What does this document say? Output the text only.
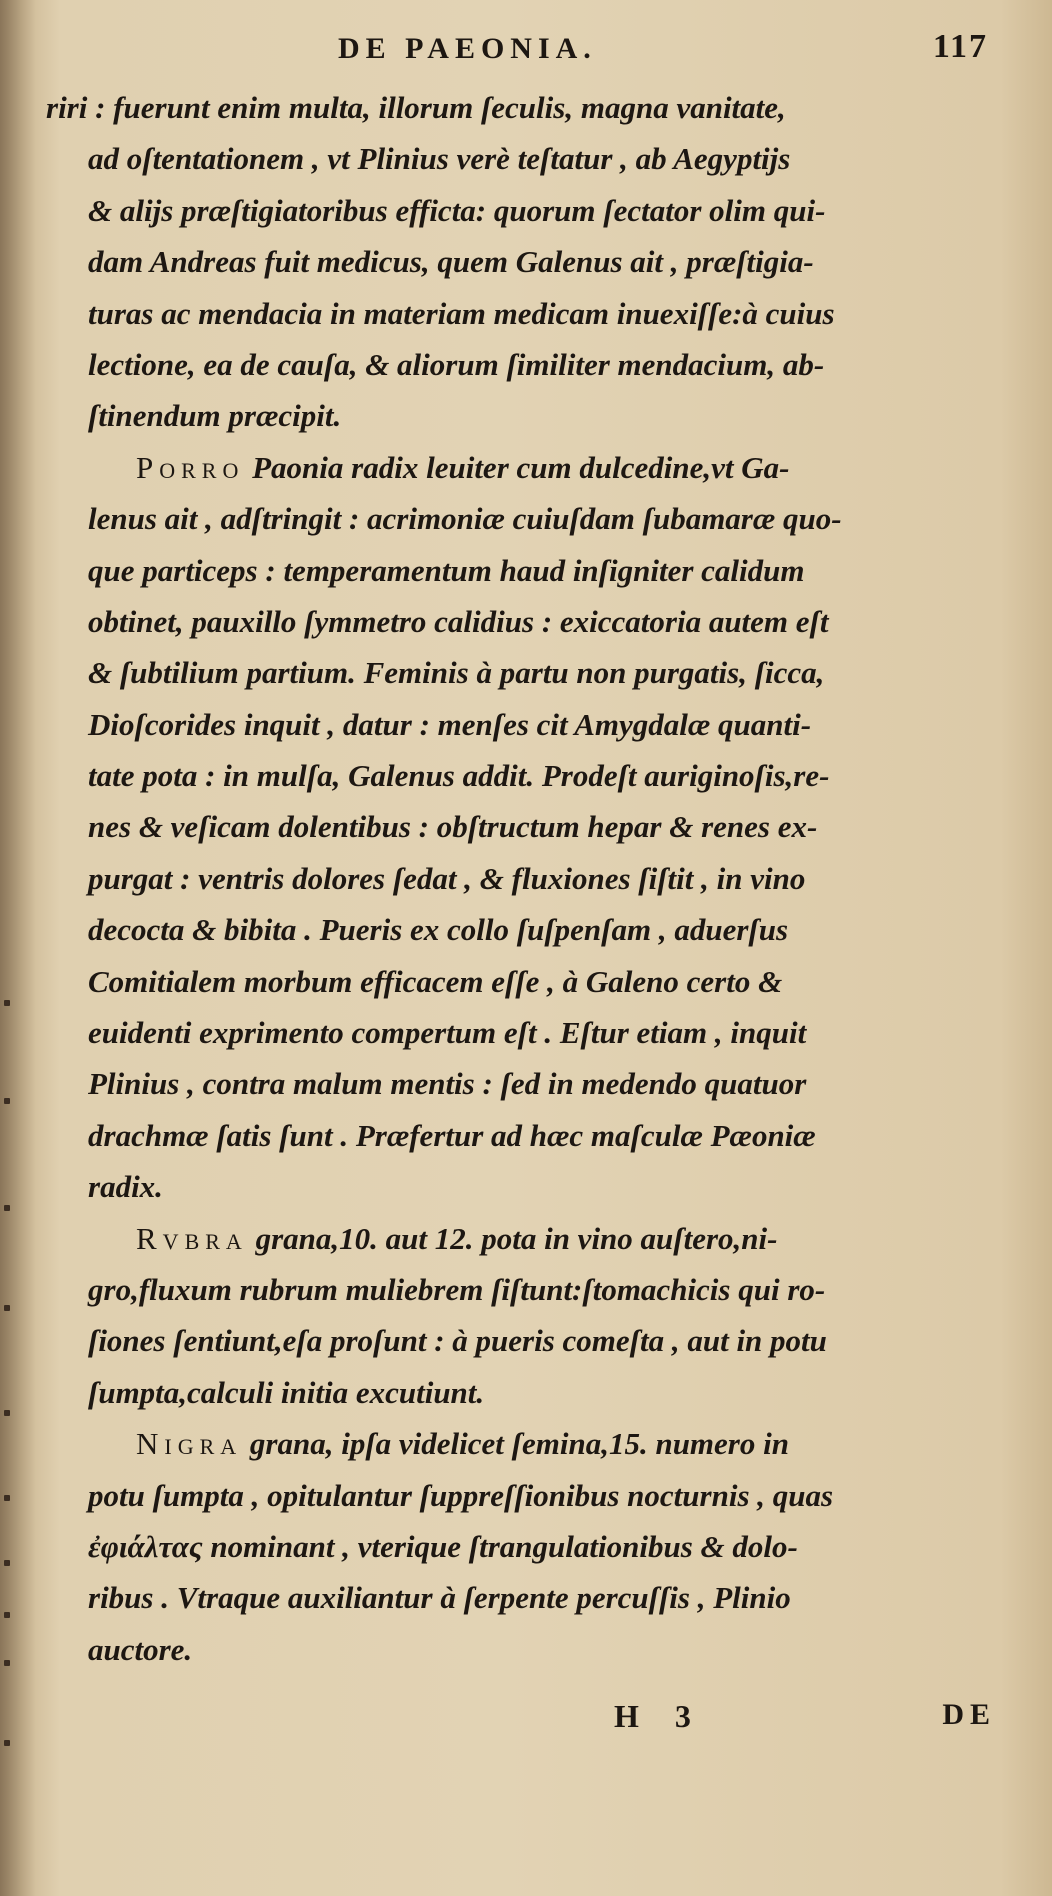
DE PAEONIA.	117
riri : fuerunt enim multa, illorum ſeculis, magna vanitate,
ad oſtentationem , vt Plinius verè teſtatur , ab Aegyptijs
& alijs præſtigiatoribus effictа: quorum ſectator olim qui-
dam Andreas fuit medicus, quem Galenus ait , præſtigia-
turas ac mendacia in materiam medicam inuexiſſe:à cuius
lectione, ea de cauſa, & aliorum ſimiliter mendacium, ab-
ſtinendum præcipit.
Porro Paonia radix leuiter cum dulcedine,vt Ga-
lenus ait , adſtringit : acrimoniæ cuiuſdam ſubamaræ quo-
que particeps : temperamentum haud inſigniter calidum
obtinet, pauxillo ſymmetro calidius : exiccatoria autem eſt
& ſubtilium partium. Feminis à partu non purgatis, ſicca,
Dioſcorides inquit , datur : menſes cit Amygdalæ quanti-
tate pota : in mulſa, Galenus addit. Prodeſt auriginoſis,re-
nes & veſicam dolentibus : obſtructum hepar & renes ex-
purgat : ventris dolores ſedat , & fluxiones ſiſtit , in vino
decocta & bibita . Pueris ex collo ſuſpenſam , aduerſus
Comitialem morbum efficacem eſſe , à Galeno certo &
euidenti exprimento compertum eſt . Eſtur etiam , inquit
Plinius , contra malum mentis : ſed in medendo quatuor
drachmæ ſatis ſunt . Præfertur ad hæc maſculæ Pæoniæ
radix.
Rvbra grana,10. aut 12. pota in vino auſtero,ni-
gro,fluxum rubrum muliebrem ſiſtunt:ſtomachicis qui ro-
ſiones ſentiunt,eſa proſunt : à pueris comeſta , aut in potu
ſumpta,calculi initia excutiunt.
Nigra grana, ipſa videlicet ſemina,15. numero in
potu ſumpta , opitulantur ſuppreſſionibus nocturnis , quas
ἐφιάλτας nominant , vterique ſtrangulationibus & dolo-
ribus . Vtraque auxiliantur à ſerpente percuſſis , Plinio
auctore.
H 3	DE
